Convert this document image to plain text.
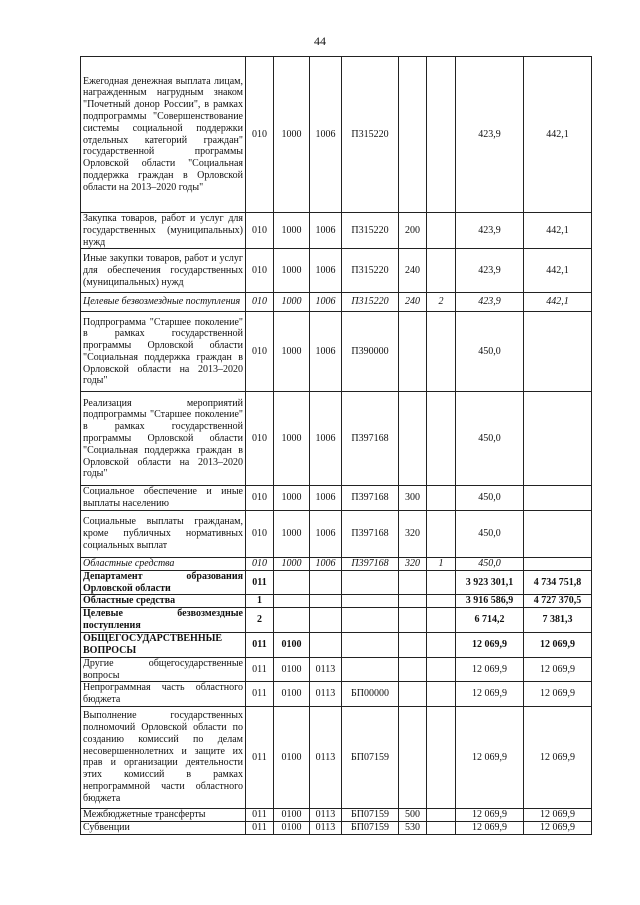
44
Ежегодная денежная выплата лицам, награжденным нагрудным знаком "Почетный донор России", в рамках подпрограммы "Совершенствование системы социальной поддержки отдельных категорий граждан" государственной программы Орловской области "Социальная поддержка граждан в Орловской области на 2013–2020 годы"	010	1000	1006	П315220			423,9	442,1
Закупка товаров, работ и услуг для государственных (муниципальных) нужд	010	1000	1006	П315220	200		423,9	442,1
Иные закупки товаров, работ и услуг для обеспечения государственных (муниципальных) нужд	010	1000	1006	П315220	240		423,9	442,1
Целевые безвозмездные поступления	010	1000	1006	П315220	240	2	423,9	442,1
Подпрограмма "Старшее поколение" в рамках государственной программы Орловской области "Социальная поддержка граждан в Орловской области на 2013–2020 годы"	010	1000	1006	П390000			450,0	
Реализация мероприятий подпрограммы "Старшее поколение" в рамках государственной программы Орловской области "Социальная поддержка граждан в Орловской области на 2013–2020 годы"	010	1000	1006	П397168			450,0	
Социальное обеспечение и иные выплаты населению	010	1000	1006	П397168	300		450,0	
Социальные выплаты гражданам, кроме публичных нормативных социальных выплат	010	1000	1006	П397168	320		450,0	
Областные средства	010	1000	1006	П397168	320	1	450,0	
Департамент образования Орловской области	011						3 923 301,1	4 734 751,8
Областные средства	1						3 916 586,9	4 727 370,5
Целевые безвозмездные поступления	2						6 714,2	7 381,3
ОБЩЕГОСУДАРСТВЕННЫЕ ВОПРОСЫ	011	0100					12 069,9	12 069,9
Другие общегосударственные вопросы	011	0100	0113				12 069,9	12 069,9
Непрограммная часть областного бюджета	011	0100	0113	БП00000			12 069,9	12 069,9
Выполнение государственных полномочий Орловской области по созданию комиссий по делам несовершеннолетних и защите их прав и организации деятельности этих комиссий в рамках непрограммной части областного бюджета	011	0100	0113	БП07159			12 069,9	12 069,9
Межбюджетные трансферты	011	0100	0113	БП07159	500		12 069,9	12 069,9
Субвенции	011	0100	0113	БП07159	530		12 069,9	12 069,9
